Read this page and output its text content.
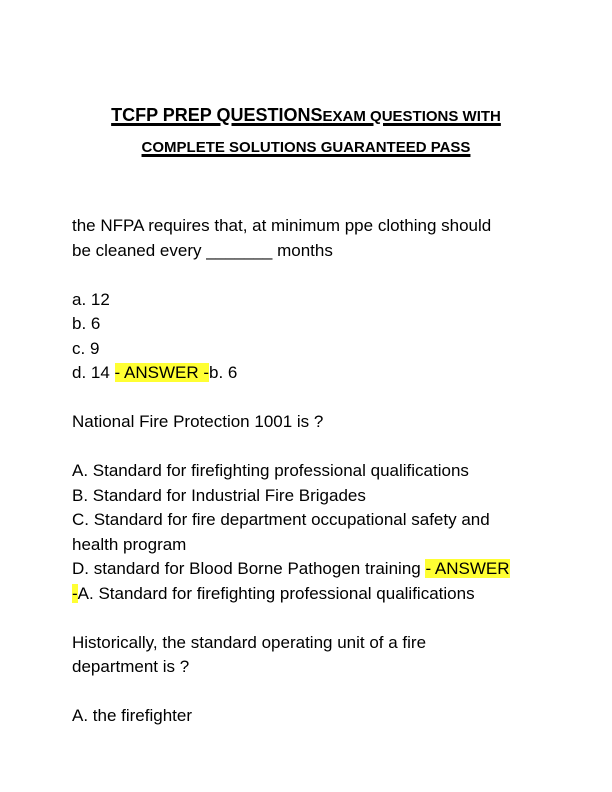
TCFP PREP QUESTIONSEXAM QUESTIONS WITH
COMPLETE SOLUTIONS GUARANTEED PASS
the NFPA requires that, at minimum ppe clothing should
be cleaned every _______ months
a. 12
b. 6
c. 9
d. 14 - ANSWER -b. 6
National Fire Protection 1001 is ?
A. Standard for firefighting professional qualifications
B. Standard for Industrial Fire Brigades
C. Standard for fire department occupational safety and
health program
D. standard for Blood Borne Pathogen training - ANSWER
-A. Standard for firefighting professional qualifications
Historically, the standard operating unit of a fire
department is ?
A. the firefighter
